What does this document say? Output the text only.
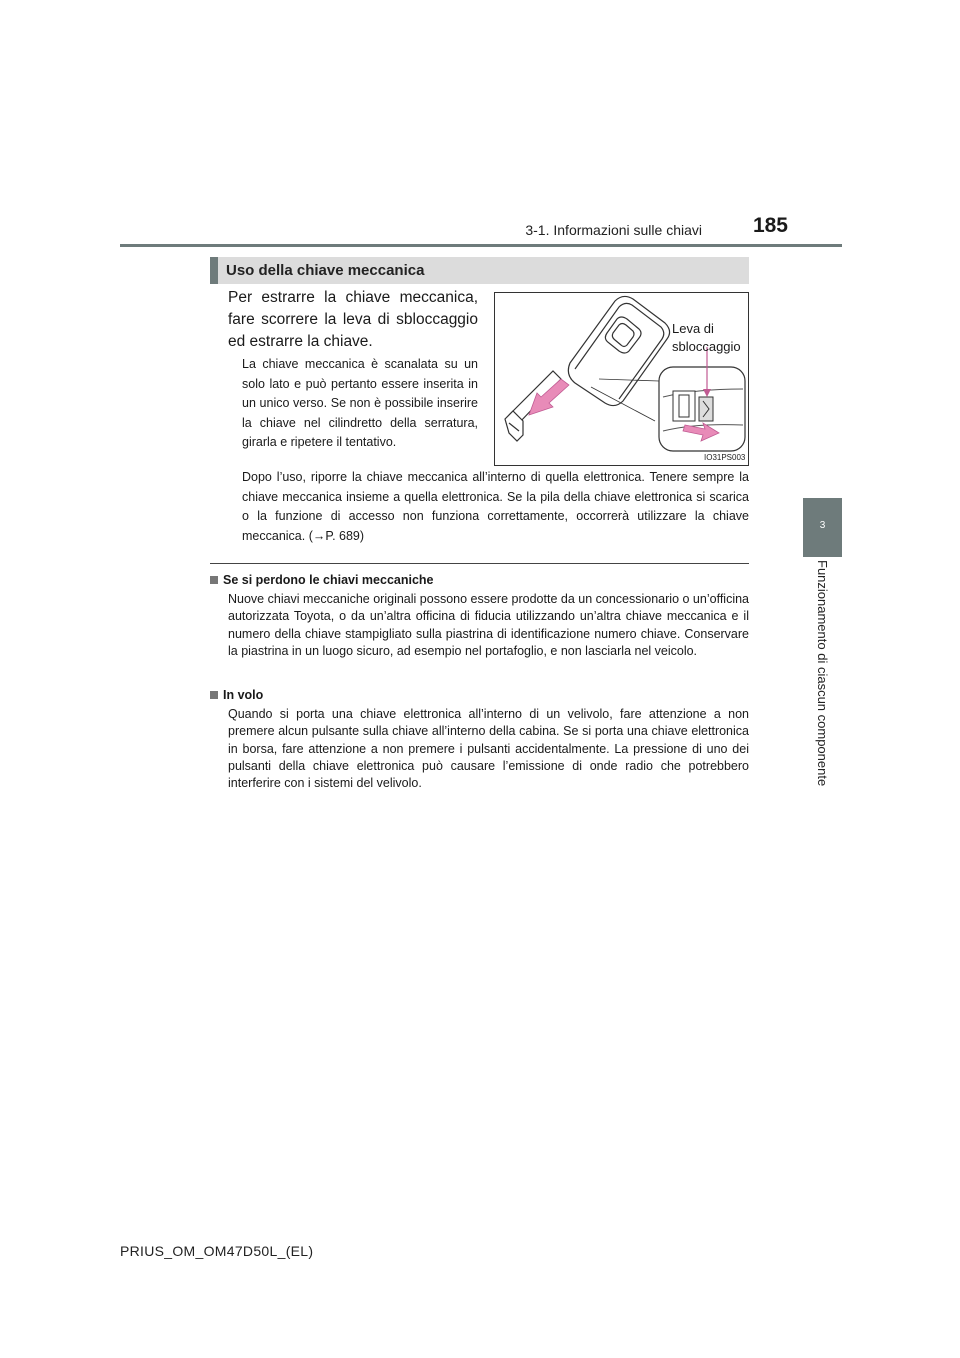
3-1. Informazioni sulle chiavi	185
3
Funzionamento di ciascun componente
Uso della chiave meccanica
Per estrarre la chiave meccanica, fare scorrere la leva di sbloccaggio ed estrarre la chiave.
La chiave meccanica è scanalata su un solo lato e può pertanto essere inserita in un unico verso. Se non è possibile inserire la chiave nel cilindretto della serratura, girarla e ripetere il tentativo.
Dopo l’uso, riporre la chiave meccanica all’interno di quella elettronica. Tenere sempre la chiave meccanica insieme a quella elettronica. Se la pila della chiave elettronica si scarica o la funzione di accesso non funziona correttamente, occorrerà utilizzare la chiave meccanica. (→P. 689)
Leva di
sbloccaggio
IO31PS003
Se si perdono le chiavi meccaniche
Nuove chiavi meccaniche originali possono essere prodotte da un concessionario o un’officina autorizzata Toyota, o da un’altra officina di fiducia utilizzando un’altra chiave meccanica e il numero della chiave stampigliato sulla piastrina di identificazione numero chiave. Conservare la piastrina in un luogo sicuro, ad esempio nel portafoglio, e non lasciarla nel veicolo.
In volo
Quando si porta una chiave elettronica all’interno di un velivolo, fare attenzione a non premere alcun pulsante sulla chiave all’interno della cabina. Se si porta una chiave elettronica in borsa, fare attenzione a non premere i pulsanti accidentalmente. La pressione di uno dei pulsanti della chiave elettronica può causare l’emissione di onde radio che potrebbero interferire con i sistemi del velivolo.
PRIUS_OM_OM47D50L_(EL)
